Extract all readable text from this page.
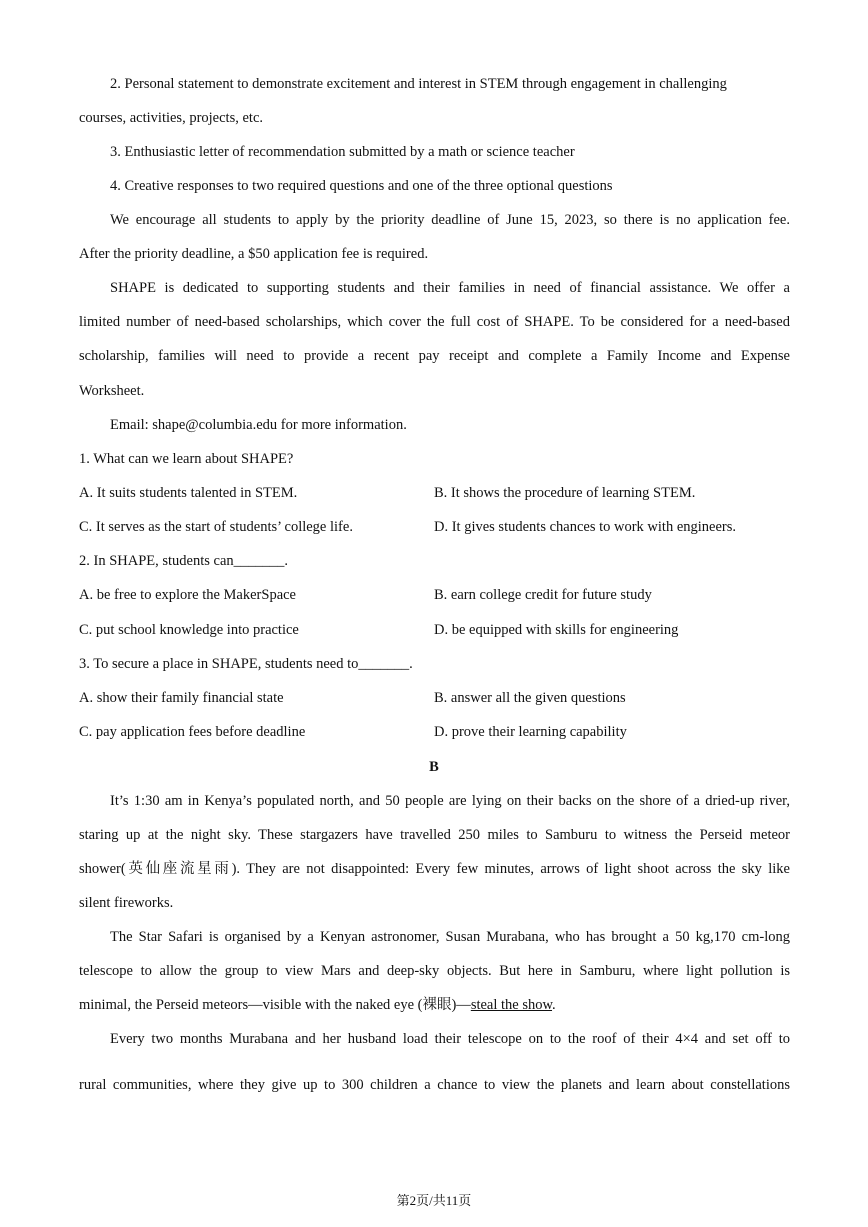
2. Personal statement to demonstrate excitement and interest in STEM through engagement in challenging
courses, activities, projects, etc.
3. Enthusiastic letter of recommendation submitted by a math or science teacher
4. Creative responses to two required questions and one of the three optional questions
We encourage all students to apply by the priority deadline of June 15, 2023, so there is no application fee.
After the priority deadline, a $50 application fee is required.
SHAPE is dedicated to supporting students and their families in need of financial assistance. We offer a
limited number of need-based scholarships, which cover the full cost of SHAPE. To be considered for a need-based
scholarship, families will need to provide a recent pay receipt and complete a Family Income and Expense
Worksheet.
Email: shape@columbia.edu for more information.
1. What can we learn about SHAPE?
A. It suits students talented in STEM.	B. It shows the procedure of learning STEM.
C. It serves as the start of students’ college life.	D. It gives students chances to work with engineers.
2. In SHAPE, students can_______.
A. be free to explore the MakerSpace	B. earn college credit for future study
C. put school knowledge into practice	D. be equipped with skills for engineering
3. To secure a place in SHAPE, students need to_______.
A. show their family financial state	B. answer all the given questions
C. pay application fees before deadline	D. prove their learning capability
B
It’s 1:30 am in Kenya’s populated north, and 50 people are lying on their backs on the shore of a dried-up river,
staring up at the night sky. These stargazers have travelled 250 miles to Samburu to witness the Perseid meteor
shower(英仙座流星雨). They are not disappointed: Every few minutes, arrows of light shoot across the sky like
silent fireworks.
The Star Safari is organised by a Kenyan astronomer, Susan Murabana, who has brought a 50 kg,170 cm-long
telescope to allow the group to view Mars and deep-sky objects. But here in Samburu, where light pollution is
minimal, the Perseid meteors—visible with the naked eye (裸眼)—steal the show.
Every two months Murabana and her husband load their telescope on to the roof of their 4×4 and set off to
rural communities, where they give up to 300 children a chance to view the planets and learn about constellations
第2页/共11页
